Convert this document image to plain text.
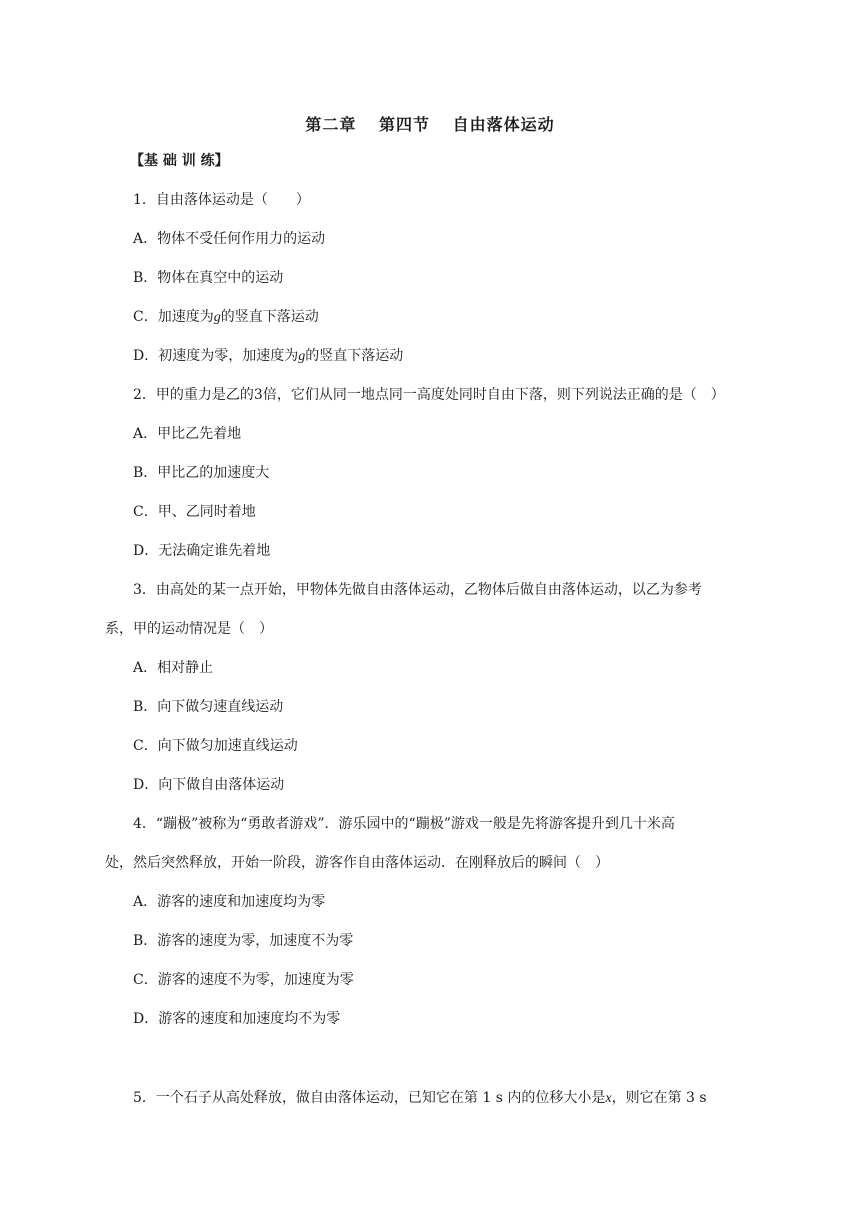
第二章 第四节 自由落体运动
【基 础 训 练】
1．自由落体运动是（　　）
A．物体不受任何作用力的运动
B．物体在真空中的运动
C．加速度为g的竖直下落运动
D．初速度为零，加速度为g的竖直下落运动
2．甲的重力是乙的3倍，它们从同一地点同一高度处同时自由下落，则下列说法正确的是（　）
A．甲比乙先着地
B．甲比乙的加速度大
C．甲、乙同时着地
D．无法确定谁先着地
3．由高处的某一点开始，甲物体先做自由落体运动，乙物体后做自由落体运动，以乙为参考
系，甲的运动情况是（　）
A．相对静止
B．向下做匀速直线运动
C．向下做匀加速直线运动
D．向下做自由落体运动
4．“蹦极”被称为“勇敢者游戏”．游乐园中的“蹦极”游戏一般是先将游客提升到几十米高
处，然后突然释放，开始一阶段，游客作自由落体运动．在刚释放后的瞬间（　）
A．游客的速度和加速度均为零
B．游客的速度为零，加速度不为零
C．游客的速度不为零，加速度为零
D．游客的速度和加速度均不为零
5．一个石子从高处释放，做自由落体运动，已知它在第 1 s 内的位移大小是x，则它在第 3 s
